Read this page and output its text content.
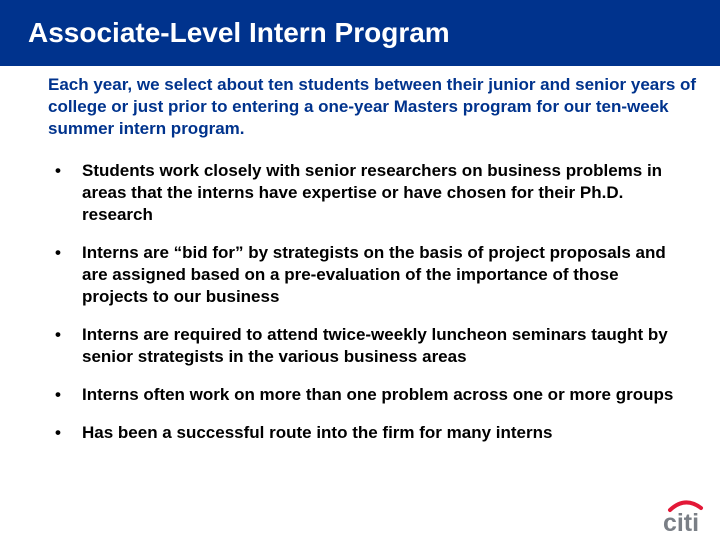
Associate-Level Intern Program

Each year, we select about ten students between their junior and senior years of college or just prior to entering a one-year Masters program for our ten-week summer intern program.

• Students work closely with senior researchers on business problems in areas that the interns have expertise or have chosen for their Ph.D. research
• Interns are “bid for” by strategists on the basis of project proposals and are assigned based on a pre-evaluation of the importance of those projects to our business
• Interns are required to attend twice-weekly luncheon seminars taught by senior strategists in the various business areas
• Interns often work on more than one problem across one or more groups
• Has been a successful route into the firm for many interns
citi
